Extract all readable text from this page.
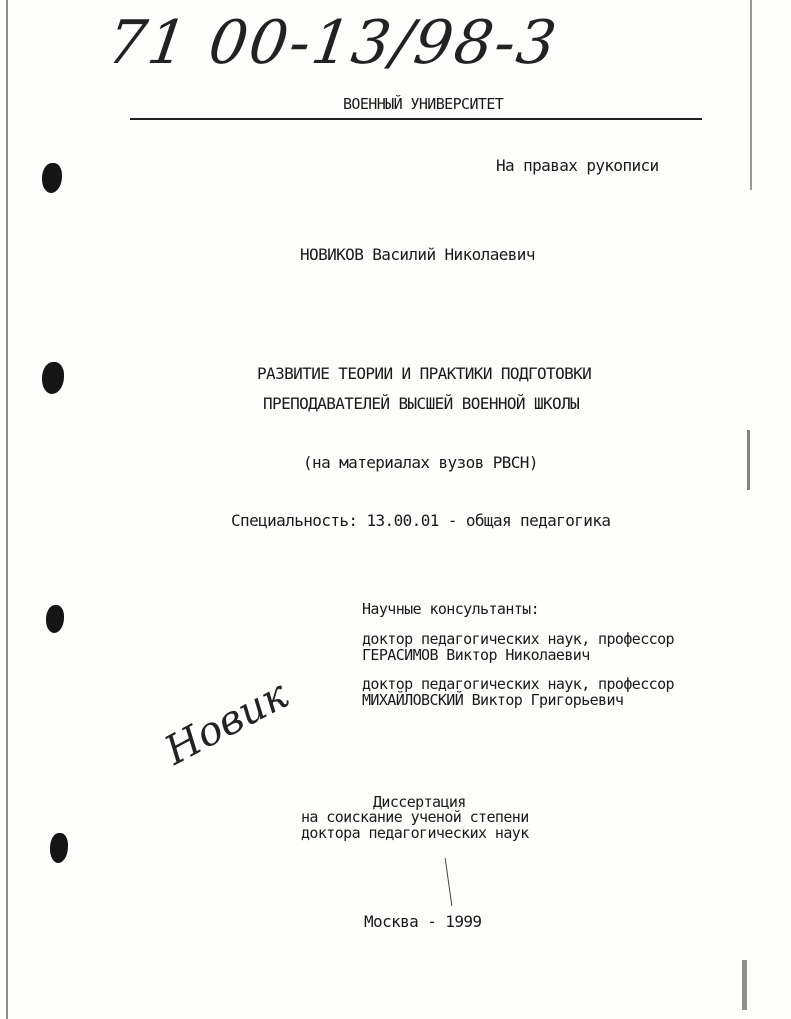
71 00-13/98-3
ВОЕННЫЙ УНИВЕРСИТЕТ
На правах рукописи
НОВИКОВ Василий Николаевич
РАЗВИТИЕ ТЕОРИИ И ПРАКТИКИ ПОДГОТОВКИ
ПРЕПОДАВАТЕЛЕЙ ВЫСШЕЙ ВОЕННОЙ ШКОЛЫ
(на материалах вузов РВСН)
Специальность: 13.00.01 - общая педагогика
Научные консультанты:
доктор педагогических наук, профессор
ГЕРАСИМОВ Виктор Николаевич
доктор педагогических наук, профессор
МИХАЙЛОВСКИЙ Виктор Григорьевич
Новик
Диссертация
на соискание ученой степени
доктора педагогических наук
Москва - 1999
